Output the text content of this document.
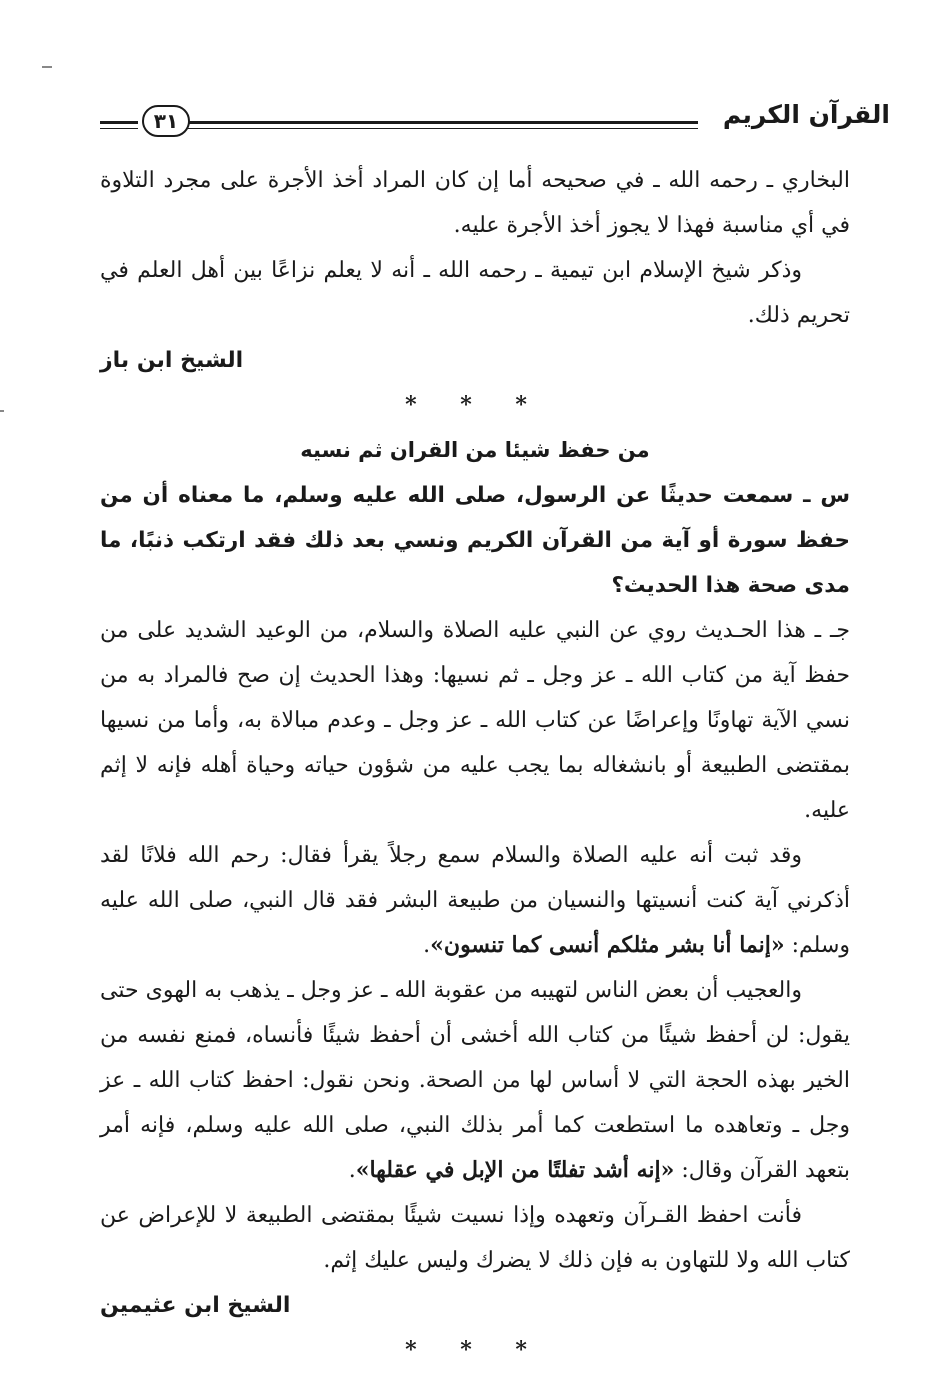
القرآن الكريم
٣١

البخاري ـ رحمه الله ـ في صحيحه أما إن كان المراد أخذ الأجرة على مجرد التلاوة في أي مناسبة فهذا لا يجوز أخذ الأجرة عليه.

وذكر شيخ الإسلام ابن تيمية ـ رحمه الله ـ أنه لا يعلم نزاعًا بين أهل العلم في تحريم ذلك.

الشيخ ابن باز

* * *

من حفظ شيئا من القران ثم نسيه

س ـ سمعت حديثًا عن الرسول، صلى الله عليه وسلم، ما معناه أن من حفظ سورة أو آية من القرآن الكريم ونسي بعد ذلك فقد ارتكب ذنبًا، ما مدى صحة هذا الحديث؟

جـ ـ هذا الحـديث روي عن النبي عليه الصلاة والسلام، من الوعيد الشديد على من حفظ آية من كتاب الله ـ عز وجل ـ ثم نسيها: وهذا الحديث إن صح فالمراد به من نسي الآية تهاونًا وإعراضًا عن كتاب الله ـ عز وجل ـ وعدم مبالاة به، وأما من نسيها بمقتضى الطبيعة أو بانشغاله بما يجب عليه من شؤون حياته وحياة أهله فإنه لا إثم عليه.

وقد ثبت أنه عليه الصلاة والسلام سمع رجلاً يقرأ فقال: رحم الله فلانًا لقد أذكرني آية كنت أنسيتها والنسيان من طبيعة البشر فقد قال النبي، صلى الله عليه وسلم: «إنما أنا بشر مثلكم أنسى كما تنسون».

والعجيب أن بعض الناس لتهيبه من عقوبة الله ـ عز وجل ـ يذهب به الهوى حتى يقول: لن أحفظ شيئًا من كتاب الله أخشى أن أحفظ شيئًا فأنساه، فمنع نفسه من الخير بهذه الحجة التي لا أساس لها من الصحة. ونحن نقول: احفظ كتاب الله ـ عز وجل ـ وتعاهده ما استطعت كما أمر بذلك النبي، صلى الله عليه وسلم، فإنه أمر بتعهد القرآن وقال: «إنه أشد تفلتًا من الإبل في عقلها».

فأنت احفظ القـرآن وتعهده وإذا نسيت شيئًا بمقتضى الطبيعة لا للإعراض عن كتاب الله ولا للتهاون به فإن ذلك لا يضرك وليس عليك إثم.

الشيخ ابن عثيمين

* * *
